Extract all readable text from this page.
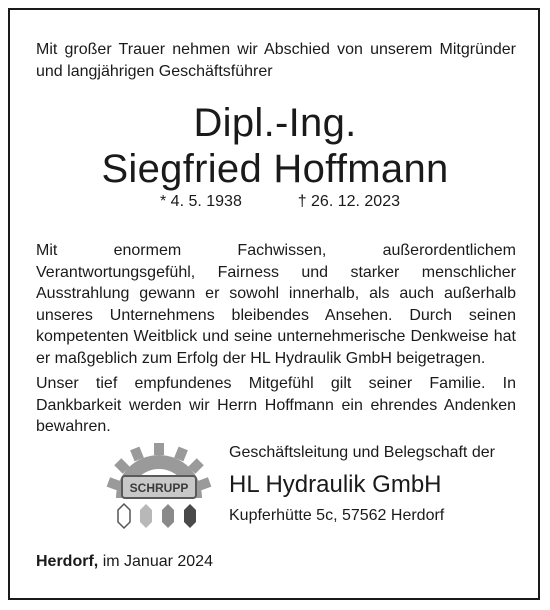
Mit großer Trauer nehmen wir Abschied von unserem Mitgründer und langjährigen Geschäftsführer
Dipl.-Ing.
Siegfried Hoffmann
* 4. 5. 1938	† 26. 12. 2023

Mit enormem Fachwissen, außerordentlichem Verantwortungsgefühl, Fairness und starker menschlicher Ausstrahlung gewann er sowohl innerhalb, als auch außerhalb unseres Unternehmens bleibendes Ansehen. Durch seinen kompetenten Weitblick und seine unternehmerische Denkweise hat er maßgeblich zum Erfolg der HL Hydraulik GmbH beigetragen.

Unser tief empfundenes Mitgefühl gilt seiner Familie. In Dankbarkeit werden wir Herrn Hoffmann ein ehrendes Andenken bewahren.

SCHRUPP
Geschäftsleitung und Belegschaft der
HL Hydraulik GmbH
Kupferhütte 5c, 57562 Herdorf
Herdorf, im Januar 2024
